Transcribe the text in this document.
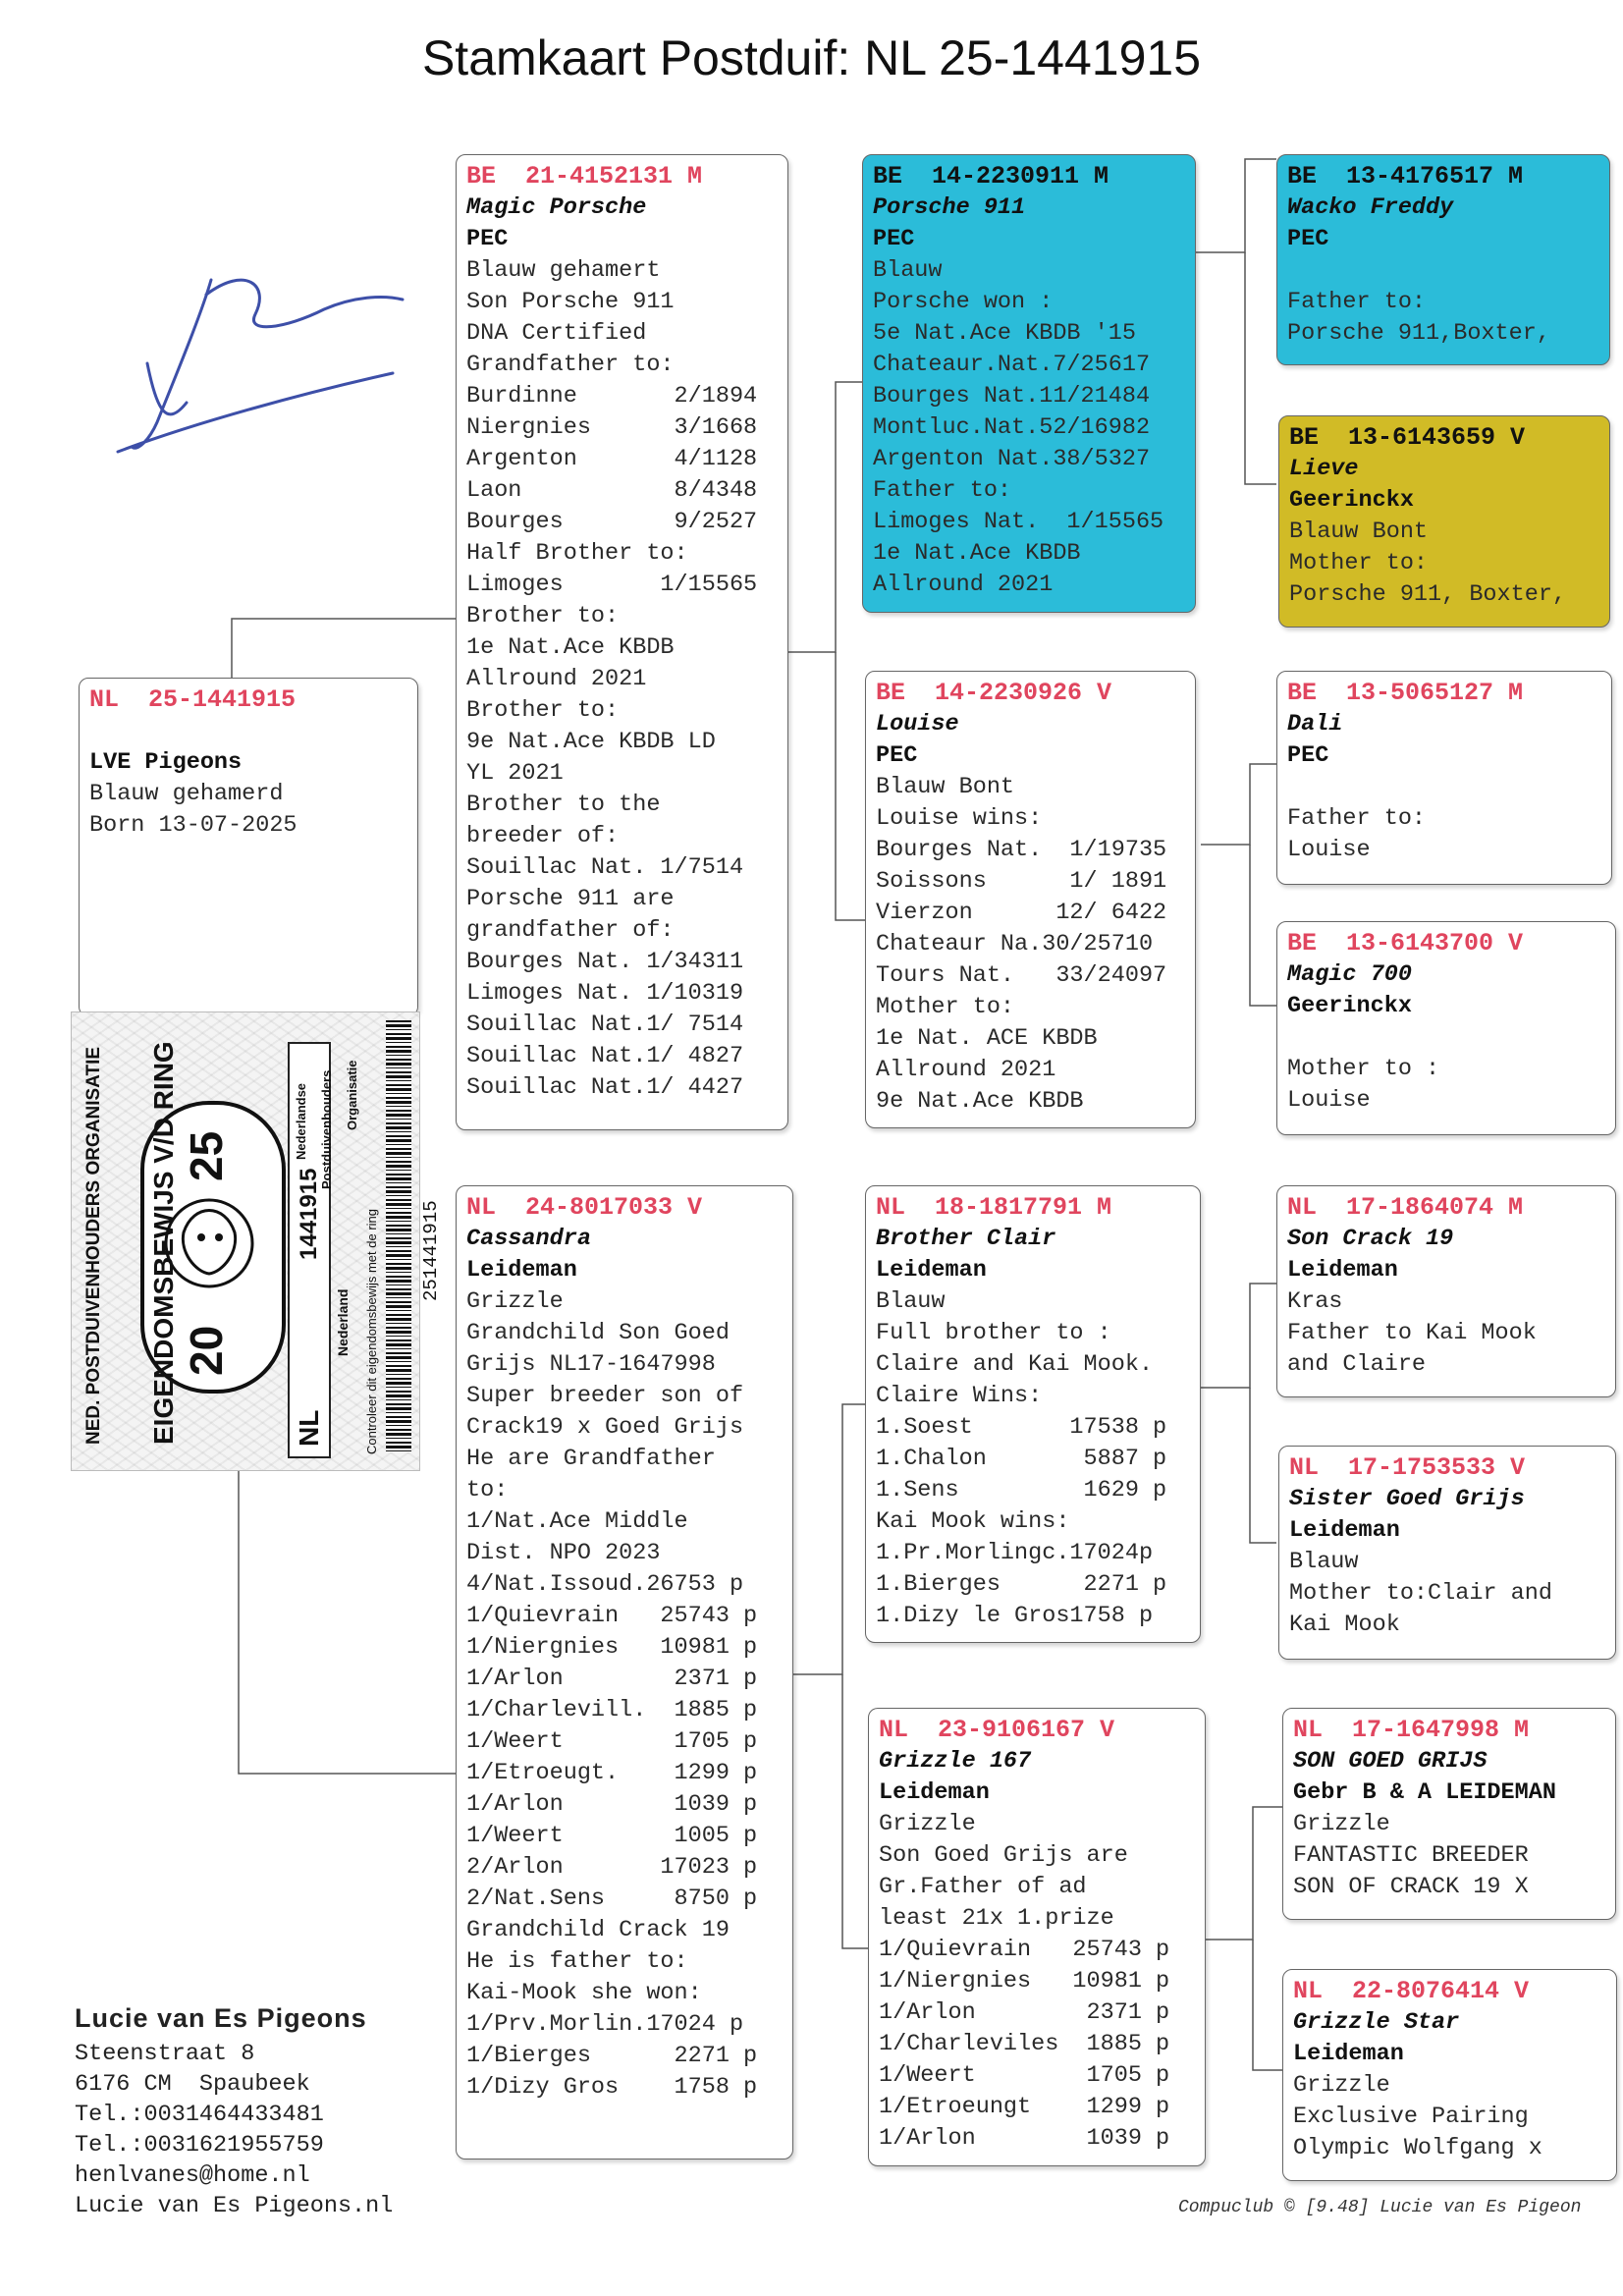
Stamkaart Postduif: NL 25-1441915
NL  25-1441915
LVE Pigeons
Blauw gehamerd
Born 13-07-2025
NED. POSTDUIVENHOUDERS ORGANISATIE 20
25
EIGENDOMSBEWIJS V/D RING	1441915
NL
Nederland
Nederlandse Postduivenhouders Organisatie
Controleer dit eigendomsbewijs met de ring 251441915
BE  21-4152131 M
Magic Porsche
PEC
Blauw gehamert
Son Porsche 911
DNA Certified
Grandfather to:
Burdinne       2/1894
Niergnies      3/1668
Argenton       4/1128
Laon           8/4348
Bourges        9/2527
Half Brother to:
Limoges       1/15565
Brother to:
1e Nat.Ace KBDB
Allround 2021
Brother to:
9e Nat.Ace KBDB LD
YL 2021
Brother to the
breeder of:
Souillac Nat. 1/7514
Porsche 911 are
grandfather of:
Bourges Nat. 1/34311
Limoges Nat. 1/10319
Souillac Nat.1/ 7514
Souillac Nat.1/ 4827
Souillac Nat.1/ 4427
NL  24-8017033 V
Cassandra
Leideman
Grizzle
Grandchild Son Goed
Grijs NL17-1647998
Super breeder son of
Crack19 x Goed Grijs
He are Grandfather
to:
1/Nat.Ace Middle
Dist. NPO 2023
4/Nat.Issoud.26753 p
1/Quievrain   25743 p
1/Niergnies   10981 p
1/Arlon        2371 p
1/Charlevill.  1885 p
1/Weert        1705 p
1/Etroeugt.    1299 p
1/Arlon        1039 p
1/Weert        1005 p
2/Arlon       17023 p
2/Nat.Sens     8750 p
Grandchild Crack 19
He is father to:
Kai-Mook she won:
1/Prv.Morlin.17024 p
1/Bierges      2271 p
1/Dizy Gros    1758 p
BE  14-2230911 M
Porsche 911
PEC
Blauw
Porsche won :
5e Nat.Ace KBDB '15
Chateaur.Nat.7/25617
Bourges Nat.11/21484
Montluc.Nat.52/16982
Argenton Nat.38/5327
Father to:
Limoges Nat.  1/15565
1e Nat.Ace KBDB
Allround 2021
BE  14-2230926 V
Louise
PEC
Blauw Bont
Louise wins:
Bourges Nat.  1/19735
Soissons      1/ 1891
Vierzon      12/ 6422
Chateaur Na.30/25710
Tours Nat.   33/24097
Mother to:
1e Nat. ACE KBDB
Allround 2021
9e Nat.Ace KBDB
NL  18-1817791 M
Brother Clair
Leideman
Blauw
Full brother to :
Claire and Kai Mook.
Claire Wins:
1.Soest       17538 p
1.Chalon       5887 p
1.Sens         1629 p
Kai Mook wins:
1.Pr.Morlingc.17024p
1.Bierges      2271 p
1.Dizy le Gros1758 p
NL  23-9106167 V
Grizzle 167
Leideman
Grizzle
Son Goed Grijs are
Gr.Father of ad
least 21x 1.prize
1/Quievrain   25743 p
1/Niergnies   10981 p
1/Arlon        2371 p
1/Charleviles  1885 p
1/Weert        1705 p
1/Etroeungt    1299 p
1/Arlon        1039 p
BE  13-4176517 M
Wacko Freddy
PEC
Father to:
Porsche 911,Boxter,
BE  13-6143659 V
Lieve
Geerinckx
Blauw Bont
Mother to:
Porsche 911, Boxter,
BE  13-5065127 M
Dali
PEC
Father to:
Louise
BE  13-6143700 V
Magic 700
Geerinckx
Mother to :
Louise
NL  17-1864074 M
Son Crack 19
Leideman
Kras
Father to Kai Mook
and Claire
NL  17-1753533 V
Sister Goed Grijs
Leideman
Blauw
Mother to:Clair and
Kai Mook
NL  17-1647998 M
SON GOED GRIJS
Gebr B & A LEIDEMAN
Grizzle
FANTASTIC BREEDER
SON OF CRACK 19 X
NL  22-8076414 V
Grizzle Star
Leideman
Grizzle
Exclusive Pairing
Olympic Wolfgang x
Lucie van Es Pigeons
Steenstraat 8
6176 CM  Spaubeek
Tel.:0031464433481
Tel.:0031621955759
henlvanes@home.nl
Lucie van Es Pigeons.nl	Compuclub © [9.48] Lucie van Es Pigeon
